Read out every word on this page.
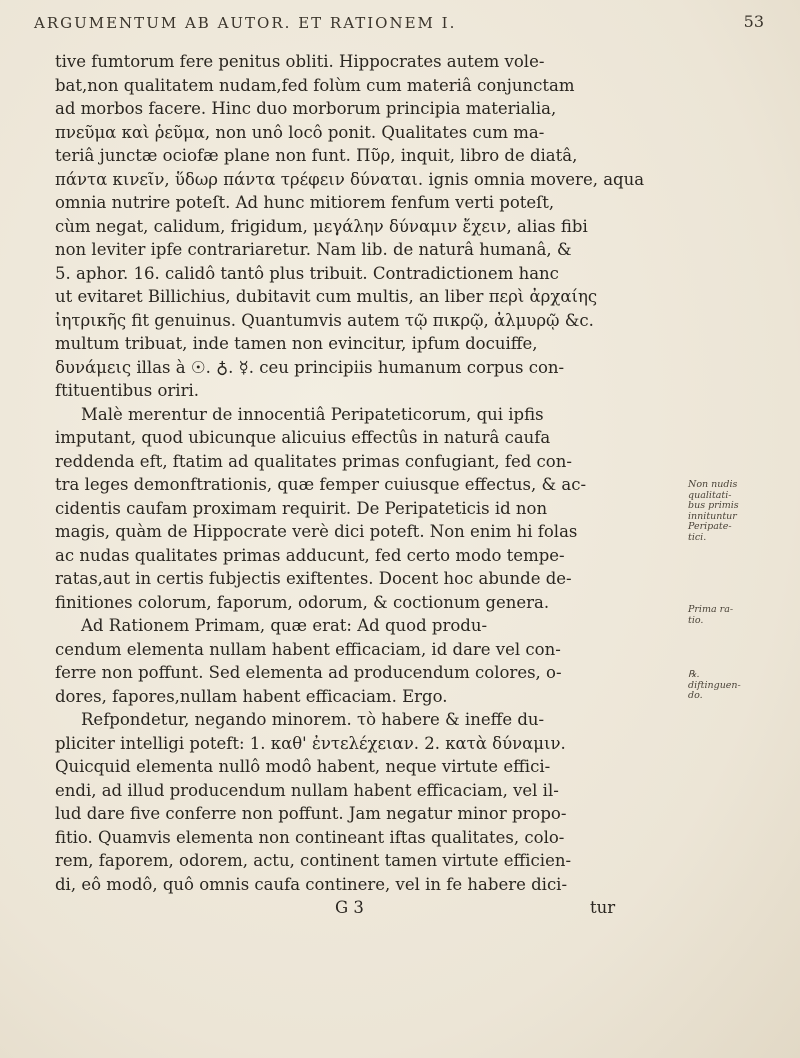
ARGUMENTUM AB AUTOR. ET RATIONEM I.	53
tive fumtorum fere penitus obliti. Hippocrates autem vole-
bat,non qualitatem nudam,fed folùm cum materiâ conjunctam
ad morbos facere. Hinc duo morborum principia materialia,
πνεῦμα καὶ ῥεῦμα, non unô locô ponit. Qualitates cum ma-
teriâ junctæ ociofæ plane non funt. Πῦρ, inquit, libro de diatâ,
πάντα κινεῖν, ὕδωρ πάντα τρέφειν δύναται. ignis omnia movere, aqua
omnia nutrire poteſt. Ad hunc mitiorem fenfum verti poteſt,
cùm negat, calidum, frigidum, μεγάλην δύναμιν ἔχειν, alias fibi
non leviter ipfe contrariaretur. Nam lib. de naturâ humanâ, &
5. aphor. 16. calidô tantô plus tribuit. Contradictionem hanc
ut evitaret Billichius, dubitavit cum multis, an liber περὶ ἀρχαίης
ἰητρικῆς fit genuinus. Quantumvis autem τῷ πικρῷ, ἀλμυρῷ &c.
multum tribuat, inde tamen non evincitur, ipfum docuiffe,
δυνάμεις illas à ☉. ♁. ☿. ceu principiis humanum corpus con-
ftituentibus oriri.
Malè merentur de innocentiâ Peripateticorum, qui ipfis
imputant, quod ubicunque alicuius effectûs in naturâ caufa
reddenda eft, ftatim ad qualitates primas confugiant, fed con-
tra leges demonftrationis, quæ femper cuiusque effectus, & ac-
cidentis caufam proximam requirit. De Peripateticis id non
magis, quàm de Hippocrate verè dici poteft. Non enim hi folas
ac nudas qualitates primas adducunt, fed certo modo tempe-
ratas,aut in certis fubjectis exiftentes. Docent hoc abunde de-
finitiones colorum, faporum, odorum, & coctionum genera.
Ad Rationem Primam, quæ erat: Ad quod produ-
cendum elementa nullam habent efficaciam, id dare vel con-
ferre non poffunt. Sed elementa ad producendum colores, o-
dores, fapores,nullam habent efficaciam. Ergo.
Refpondetur, negando minorem. τὸ habere & ineffe du-
pliciter intelligi poteft: 1. καθ' ἐντελέχειαν. 2. κατὰ δύναμιν.
Quicquid elementa nullô modô habent, neque virtute effici-
endi, ad illud producendum nullam habent efficaciam, vel il-
lud dare five conferre non poffunt. Jam negatur minor propo-
fitio. Quamvis elementa non contineant iftas qualitates, colo-
rem, faporem, odorem, actu, continent tamen virtute efficien-
di, eô modô, quô omnis caufa continere, vel in fe habere dici-
G 3	tur
Non nudis
qualitati-
bus primis
innituntur
Peripate-
tici.
Prima ra-
tio.
℞.
diftinguen-
do.
